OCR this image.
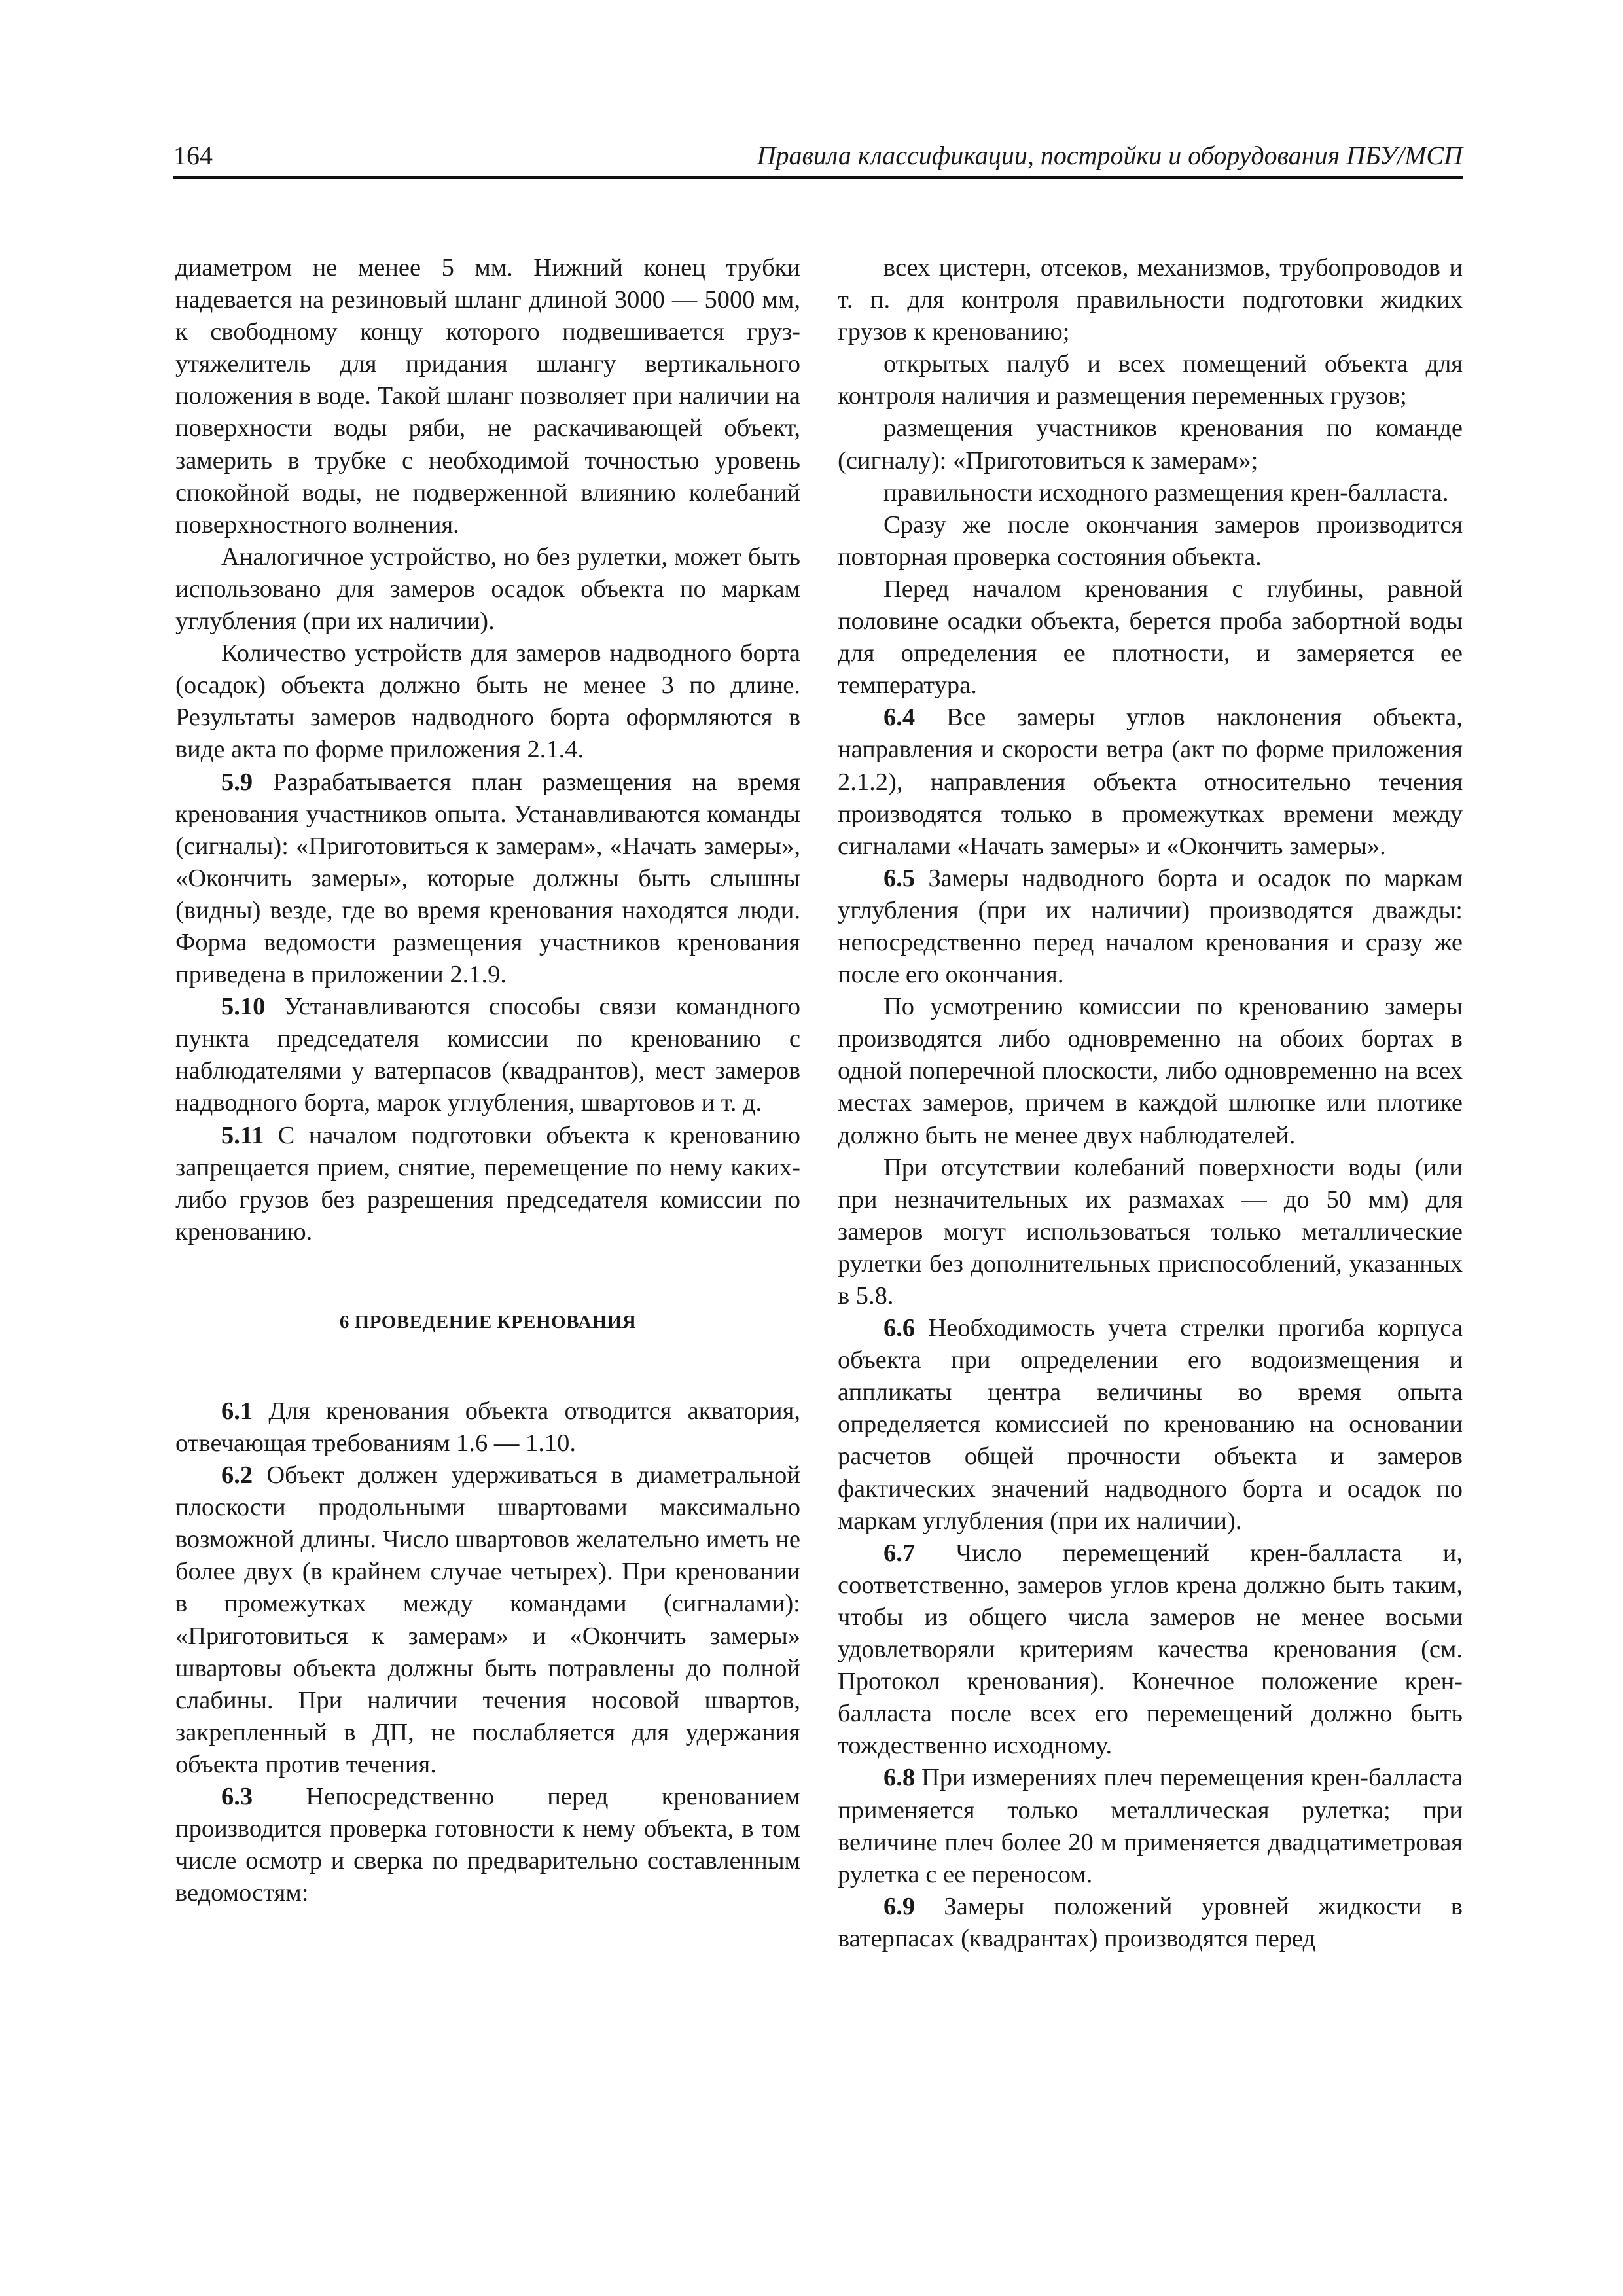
164	Правила классификации, постройки и оборудования ПБУ/МСП

диаметром не менее 5 мм. Нижний конец трубки надевается на резиновый шланг длиной 3000 — 5000 мм, к свободному концу которого подвешивается груз-утяжелитель для придания шлангу вертикального положения в воде. Такой шланг позволяет при наличии на поверхности воды ряби, не раскачивающей объект, замерить в трубке с необходимой точностью уровень спокойной воды, не подверженной влиянию колебаний поверхностного волнения.

Аналогичное устройство, но без рулетки, может быть использовано для замеров осадок объекта по маркам углубления (при их наличии).

Количество устройств для замеров надводного борта (осадок) объекта должно быть не менее 3 по длине. Результаты замеров надводного борта оформляются в виде акта по форме приложения 2.1.4.

5.9 Разрабатывается план размещения на время кренования участников опыта. Устанавливаются команды (сигналы): «Приготовиться к замерам», «Начать замеры», «Окончить замеры», которые должны быть слышны (видны) везде, где во время кренования находятся люди. Форма ведомости размещения участников кренования приведена в приложении 2.1.9.

5.10 Устанавливаются способы связи командного пункта председателя комиссии по кренованию с наблюдателями у ватерпасов (квадрантов), мест замеров надводного борта, марок углубления, швартовов и т. д.

5.11 С началом подготовки объекта к кренованию запрещается прием, снятие, перемещение по нему каких-либо грузов без разрешения председателя комиссии по кренованию.

6 ПРОВЕДЕНИЕ КРЕНОВАНИЯ

6.1 Для кренования объекта отводится акватория, отвечающая требованиям 1.6 — 1.10.

6.2 Объект должен удерживаться в диаметральной плоскости продольными швартовами максимально возможной длины. Число швартовов желательно иметь не более двух (в крайнем случае четырех). При креновании в промежутках между командами (сигналами): «Приготовиться к замерам» и «Окончить замеры» швартовы объекта должны быть потравлены до полной слабины. При наличии течения носовой швартов, закрепленный в ДП, не послабляется для удержания объекта против течения.

6.3 Непосредственно перед кренованием производится проверка готовности к нему объекта, в том числе осмотр и сверка по предварительно составленным ведомостям:

всех цистерн, отсеков, механизмов, трубопроводов и т. п. для контроля правильности подготовки жидких грузов к кренованию;

открытых палуб и всех помещений объекта для контроля наличия и размещения переменных грузов;

размещения участников кренования по команде (сигналу): «Приготовиться к замерам»;

правильности исходного размещения крен-балласта.

Сразу же после окончания замеров производится повторная проверка состояния объекта.

Перед началом кренования с глубины, равной половине осадки объекта, берется проба забортной воды для определения ее плотности, и замеряется ее температура.

6.4 Все замеры углов наклонения объекта, направления и скорости ветра (акт по форме приложения 2.1.2), направления объекта относительно течения производятся только в промежутках времени между сигналами «Начать замеры» и «Окончить замеры».

6.5 Замеры надводного борта и осадок по маркам углубления (при их наличии) производятся дважды: непосредственно перед началом кренования и сразу же после его окончания.

По усмотрению комиссии по кренованию замеры производятся либо одновременно на обоих бортах в одной поперечной плоскости, либо одновременно на всех местах замеров, причем в каждой шлюпке или плотике должно быть не менее двух наблюдателей.

При отсутствии колебаний поверхности воды (или при незначительных их размахах — до 50 мм) для замеров могут использоваться только металлические рулетки без дополнительных приспособлений, указанных в 5.8.

6.6 Необходимость учета стрелки прогиба корпуса объекта при определении его водоизмещения и аппликаты центра величины во время опыта определяется комиссией по кренованию на основании расчетов общей прочности объекта и замеров фактических значений надводного борта и осадок по маркам углубления (при их наличии).

6.7 Число перемещений крен-балласта и, соответственно, замеров углов крена должно быть таким, чтобы из общего числа замеров не менее восьми удовлетворяли критериям качества кренования (см. Протокол кренования). Конечное положение крен-балласта после всех его перемещений должно быть тождественно исходному.

6.8 При измерениях плеч перемещения крен-балласта применяется только металлическая рулетка; при величине плеч более 20 м применяется двадцатиметровая рулетка с ее переносом.

6.9 Замеры положений уровней жидкости в ватерпасах (квадрантах) производятся перед
